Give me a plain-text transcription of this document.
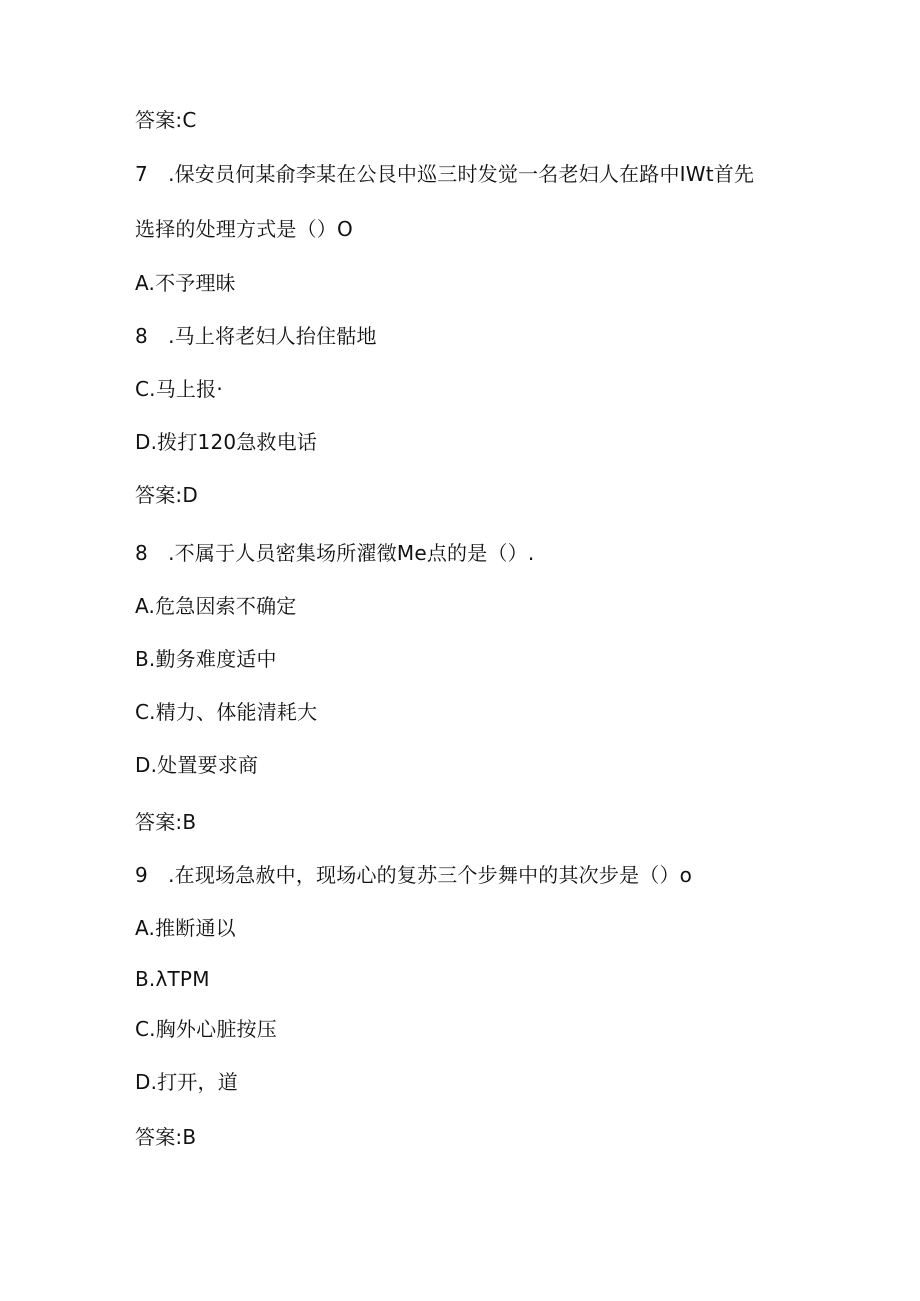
答案:C
7　.保安员何某俞李某在公艮中巡三时发觉一名老妇人在路中IWt首先
选择的处理方式是（）O
A.不予理昧
8　.马上将老妇人抬住骷地
C.马上报·
D.拨打120急救电话
答案:D
8　.不属于人员密集场所濯徵Me点的是（）.
A.危急因索不确定
B.勤务难度适中
C.精力、体能清耗大
D.处置要求商
答案:B
9　.在现场急赦中，现场心的复苏三个步舞中的其次步是（）o
A.推断通以
B.λTPM
C.胸外心脏按压
D.打开，道
答案:B
